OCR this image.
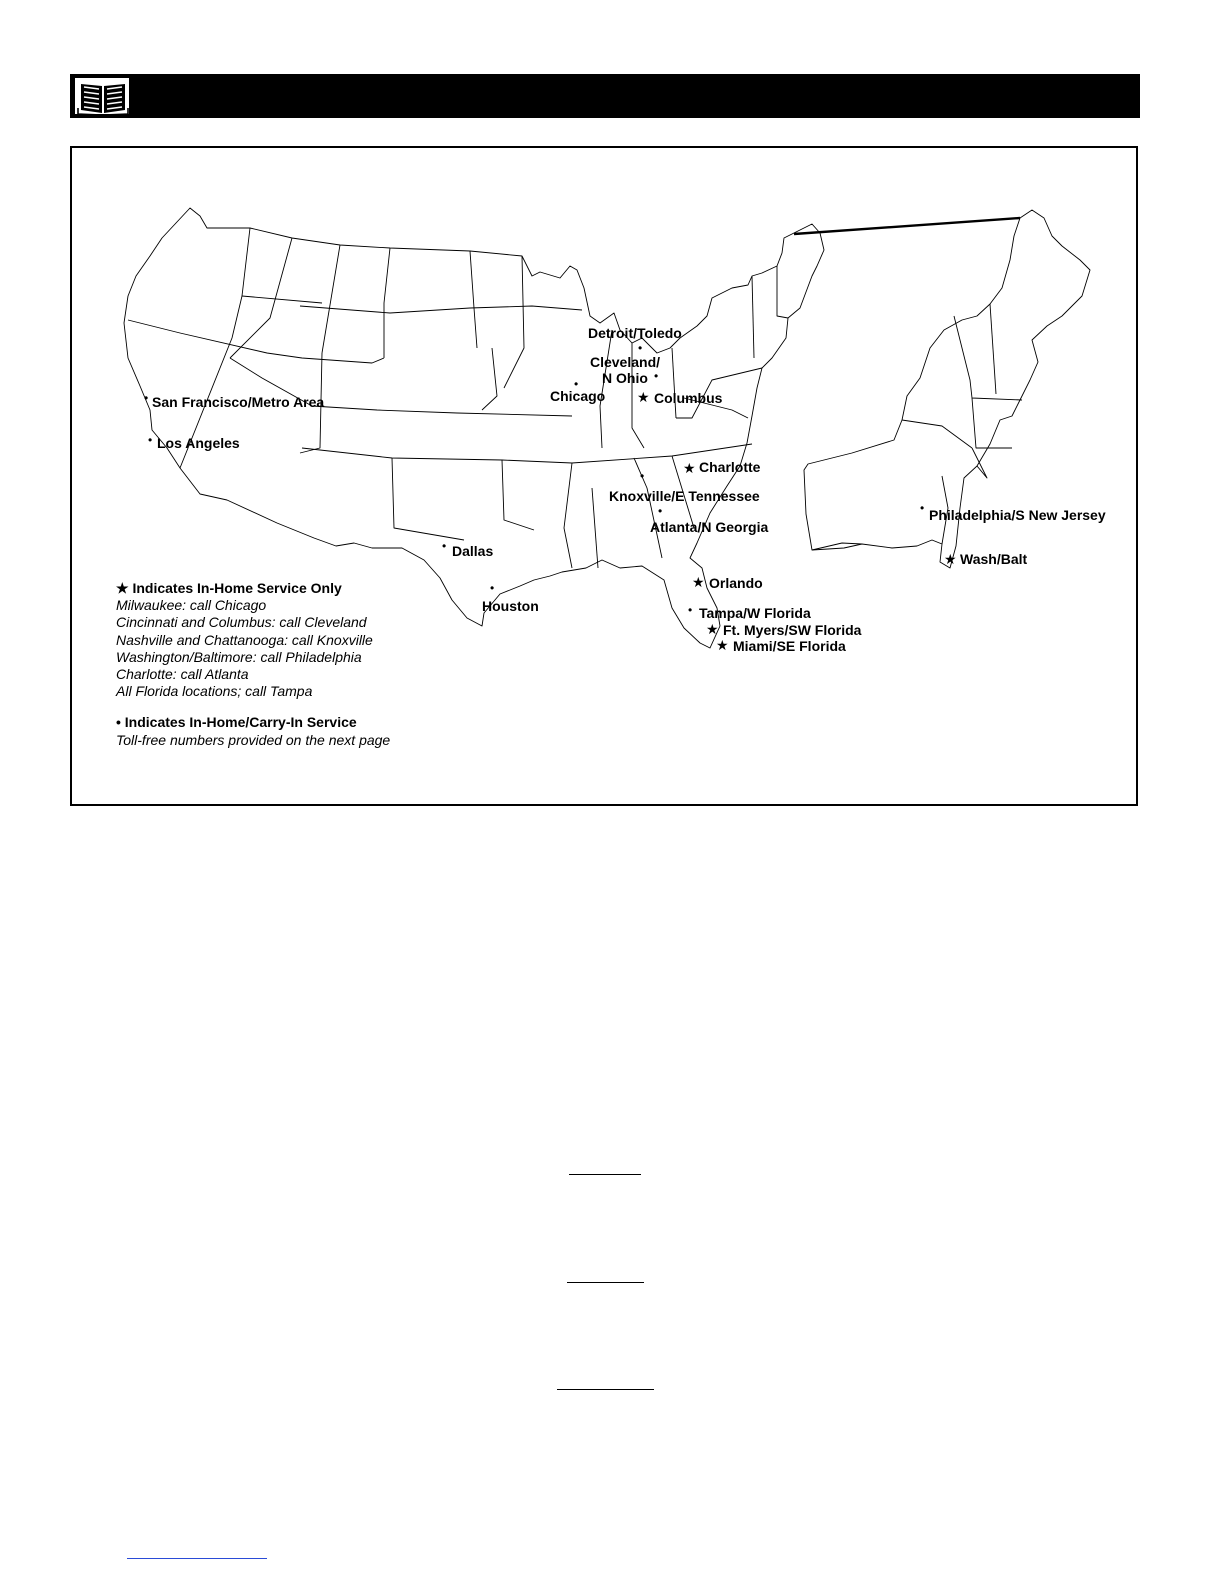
Detroit/Toledo
•
Cleveland/
N Ohio •
•
Chicago ★ Columbus
• San Francisco/Metro Area
• Los Angeles
★ Charlotte
•
Knoxville/E Tennessee
•
Atlanta/N Georgia
• Philadelphia/S New Jersey
★ Wash/Balt
• Dallas
•
Houston
★ Orlando
• Tampa/W Florida
★ Ft. Myers/SW Florida
★ Miami/SE Florida
★ Indicates In-Home Service Only
Milwaukee: call Chicago
Cincinnati and Columbus: call Cleveland
Nashville and Chattanooga: call Knoxville
Washington/Baltimore: call Philadelphia
Charlotte: call Atlanta
All Florida locations; call Tampa
• Indicates In-Home/Carry-In Service
Toll-free numbers provided on the next page
